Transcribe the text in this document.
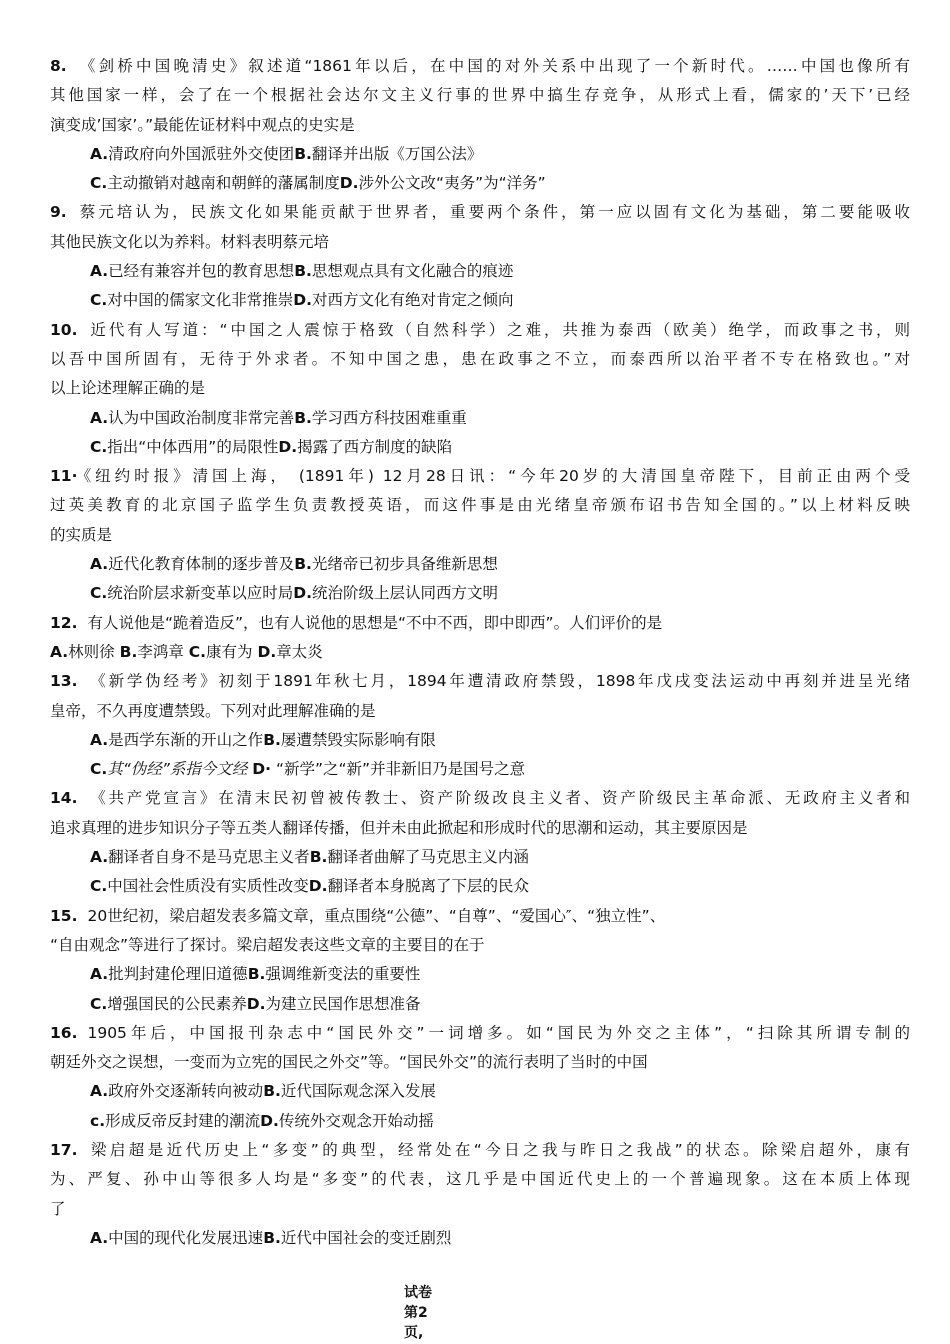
8. 《剑桥中国晚清史》叙述道“1861年以后，在中国的对外关系中出现了一个新时代。……中国也像所有
其他国家一样，会了在一个根据社会达尔文主义行事的世界中搞生存竞争，从形式上看，儒家的’天下’已经
演变成’国家’。”最能佐证材料中观点的史实是
A.清政府向外国派驻外交使团B.翻译并出版《万国公法》
C.主动撤销对越南和朝鲜的藩属制度D.涉外公文改“夷务”为“洋务”
9. 蔡元培认为，民族文化如果能贡献于世界者，重要两个条件，第一应以固有文化为基础，第二要能吸收
其他民族文化以为养料。材料表明蔡元培
A.已经有兼容并包的教育思想B.思想观点具有文化融合的痕迹
C.对中国的儒家文化非常推崇D.对西方文化有绝对肯定之倾向
10. 近代有人写道：“中国之人震惊于格致（自然科学）之难，共推为泰西（欧美）绝学，而政事之书，则
以吾中国所固有，无待于外求者。不知中国之患，患在政事之不立，而泰西所以治平者不专在格致也。”对
以上论述理解正确的是
A.认为中国政治制度非常完善B.学习西方科技困难重重
C.指出“中体西用”的局限性D.揭露了西方制度的缺陷
11· 《纽约时报》清国上海， (1891年) 12月28日讯：“今年20岁的大清国皇帝陛下，目前正由两个受
过英美教育的北京国子监学生负责教授英语，而这件事是由光绪皇帝颁布诏书告知全国的。”以上材料反映
的实质是
A.近代化教育体制的逐步普及B.光绪帝已初步具备维新思想
C.统治阶层求新变革以应时局D.统治阶级上层认同西方文明
12. 有人说他是“跪着造反”，也有人说他的思想是“不中不西，即中即西”。人们评价的是
A.林则徐 B.李鸿章 C.康有为 D.章太炎
13. 《新学伪经考》初刻于1891年秋七月，1894年遭清政府禁毁，1898年戊戌变法运动中再刻并进呈光绪
皇帝，不久再度遭禁毁。下列对此理解准确的是
A.是西学东渐的开山之作B.屡遭禁毁实际影响有限
C.其“伪经”系指今文经 D· “新学”之“新”并非新旧乃是国号之意
14. 《共产党宣言》在清末民初曾被传教士、资产阶级改良主义者、资产阶级民主革命派、无政府主义者和
追求真理的进步知识分子等五类人翻译传播，但并未由此掀起和形成时代的思潮和运动，其主要原因是
A.翻译者自身不是马克思主义者B.翻译者曲解了马克思主义内涵
C.中国社会性质没有实质性改变D.翻译者本身脱离了下层的民众
15. 20世纪初，梁启超发表多篇文章，重点围绕“公德”、“自尊”、“爱国心″、“独立性”、
“自由观念”等进行了探讨。梁启超发表这些文章的主要目的在于
A.批判封建伦理旧道德B.强调维新变法的重要性
C.增强国民的公民素养D.为建立民国作思想准备
16. 1905年后，中国报刊杂志中“国民外交”一词增多。如“国民为外交之主体”，“扫除其所谓专制的
朝廷外交之误想，一变而为立宪的国民之外交”等。“国民外交”的流行表明了当时的中国
A.政府外交逐渐转向被动B.近代国际观念深入发展
c.形成反帝反封建的潮流D.传统外交观念开始动摇
17. 梁启超是近代历史上“多变”的典型，经常处在“今日之我与昨日之我战”的状态。除梁启超外，康有
为、严复、孙中山等很多人均是“多变”的代表，这几乎是中国近代史上的一个普遍现象。这在本质上体现
了
A.中国的现代化发展迅速B.近代中国社会的变迁剧烈
试卷
第2
页,
